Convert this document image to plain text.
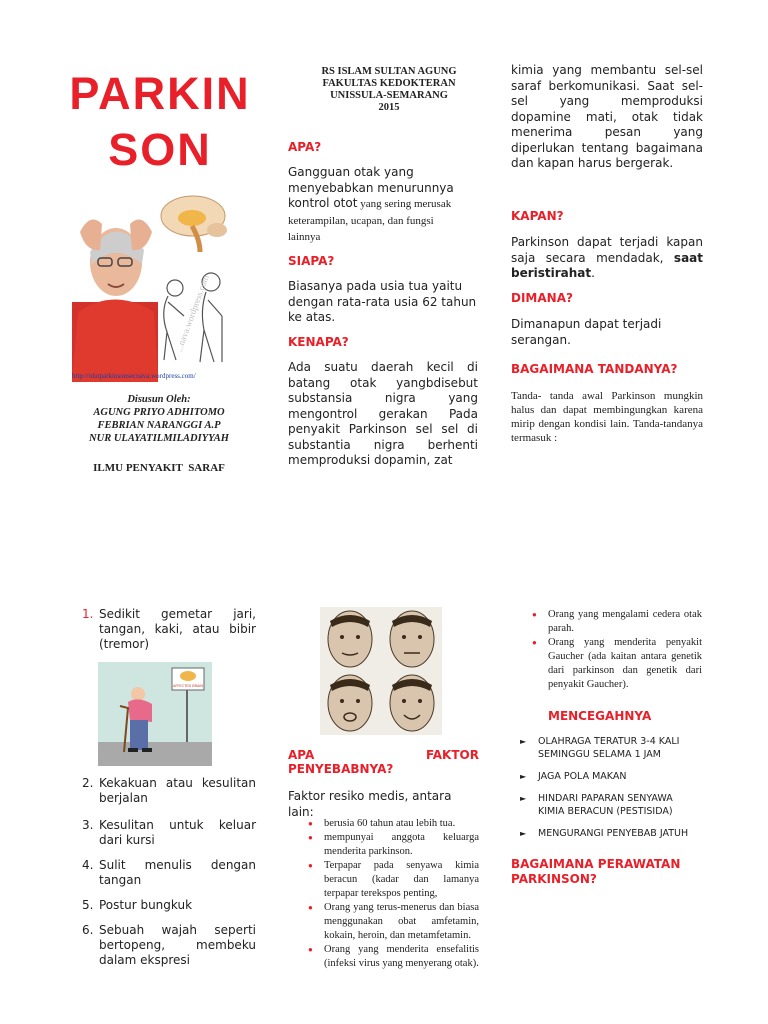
PARKIN
SON
...nava.wordpress.com
http://olutparkinsonsecnava.wordpress.com/
Disusun Oleh:
AGUNG PRIYO ADHITOMO
FEBRIAN NARANGGI A.P
NUR ULAYATILMILADIYYAH
ILMU PENYAKIT  SARAF
RS ISLAM SULTAN AGUNG
FAKULTAS KEDOKTERAN
UNISSULA-SEMARANG
2015
APA?
Gangguan otak yang menyebabkan menurunnya kontrol otot yang sering merusak keterampilan, ucapan, dan fungsi lainnya
SIAPA?
Biasanya pada usia tua yaitu dengan rata-rata usia 62 tahun ke atas.
KENAPA?
Ada suatu daerah kecil di batang otak yangbdisebut substansia nigra yang mengontrol gerakan Pada penyakit Parkinson sel sel di substantia nigra berhenti memproduksi dopamin, zat
kimia yang membantu sel-sel saraf berkomunikasi. Saat sel-sel yang memproduksi dopamine mati, otak tidak menerima pesan yang diperlukan tentang bagaimana dan kapan harus bergerak.
KAPAN?
Parkinson dapat terjadi kapan saja secara mendadak, saat beristirahat.
DIMANA?
Dimanapun dapat terjadi serangan.
BAGAIMANA TANDANYA?
Tanda- tanda awal Parkinson mungkin halus dan dapat membingungkan karena mirip dengan kondisi lain. Tanda-tandanya termasuk :
1. Sedikit gemetar jari, tangan, kaki, atau bibir (tremor)
AFFECTED BRAIN
2. Kekakuan atau kesulitan berjalan
3. Kesulitan untuk keluar dari kursi
4. Sulit menulis dengan tangan
5. Postur bungkuk
6. Sebuah wajah seperti bertopeng, membeku dalam ekspresi
APA	FAKTOR
PENYEBABNYA?
Faktor resiko medis, antara lain:
● berusia 60 tahun atau lebih tua.
● mempunyai anggota keluarga menderita parkinson.
● Terpapar pada senyawa kimia beracun (kadar dan lamanya terpapar terekspos penting,
● Orang yang terus-menerus dan biasa menggunakan obat amfetamin, kokain, heroin, dan metamfetamin.
● Orang yang menderita ensefalitis (infeksi virus yang menyerang otak).
● Orang yang mengalami cedera otak parah.
● Orang yang menderita penyakit Gaucher (ada kaitan antara genetik dari parkinson dan genetik dari penyakit Gaucher).
MENCEGAHNYA
► OLAHRAGA TERATUR 3-4 KALI SEMINGGU SELAMA 1 JAM
► JAGA POLA MAKAN
► HINDARI PAPARAN SENYAWA KIMIA BERACUN (PESTISIDA)
► MENGURANGI PENYEBAB JATUH
BAGAIMANA PERAWATAN PARKINSON?
